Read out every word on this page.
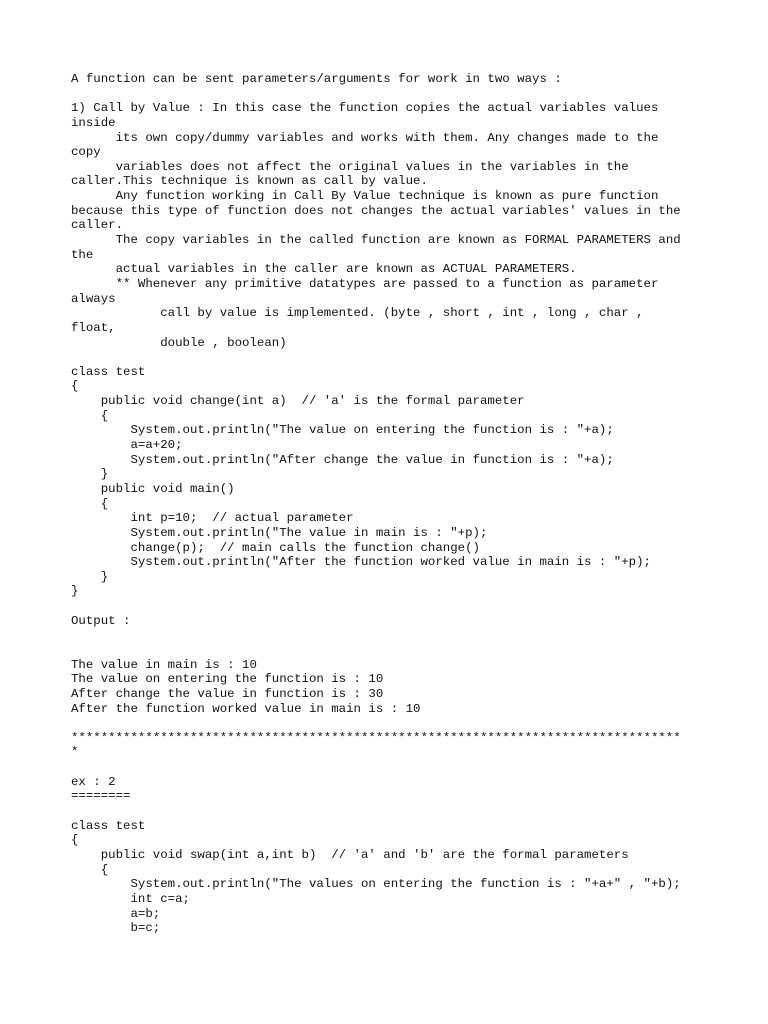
A function can be sent parameters/arguments for work in two ways :
1) Call by Value : In this case the function copies the actual variables values
inside
its own copy/dummy variables and works with them. Any changes made to the
copy
variables does not affect the original values in the variables in the
caller.This technique is known as call by value.
Any function working in Call By Value technique is known as pure function
because this type of function does not changes the actual variables' values in the
caller.
The copy variables in the called function are known as FORMAL PARAMETERS and
the
actual variables in the caller are known as ACTUAL PARAMETERS.
** Whenever any primitive datatypes are passed to a function as parameter
always
call by value is implemented. (byte , short , int , long , char ,
float,
double , boolean)
class test
{
public void change(int a)  // 'a' is the formal parameter
{
System.out.println("The value on entering the function is : "+a);
a=a+20;
System.out.println("After change the value in function is : "+a);
}
public void main()
{
int p=10;  // actual parameter
System.out.println("The value in main is : "+p);
change(p);  // main calls the function change()
System.out.println("After the function worked value in main is : "+p);
}
}
Output :
The value in main is : 10
The value on entering the function is : 10
After change the value in function is : 30
After the function worked value in main is : 10
**********************************************************************************
*
ex : 2
========
class test
{
public void swap(int a,int b)  // 'a' and 'b' are the formal parameters
{
System.out.println("The values on entering the function is : "+a+" , "+b);
int c=a;
a=b;
b=c;
